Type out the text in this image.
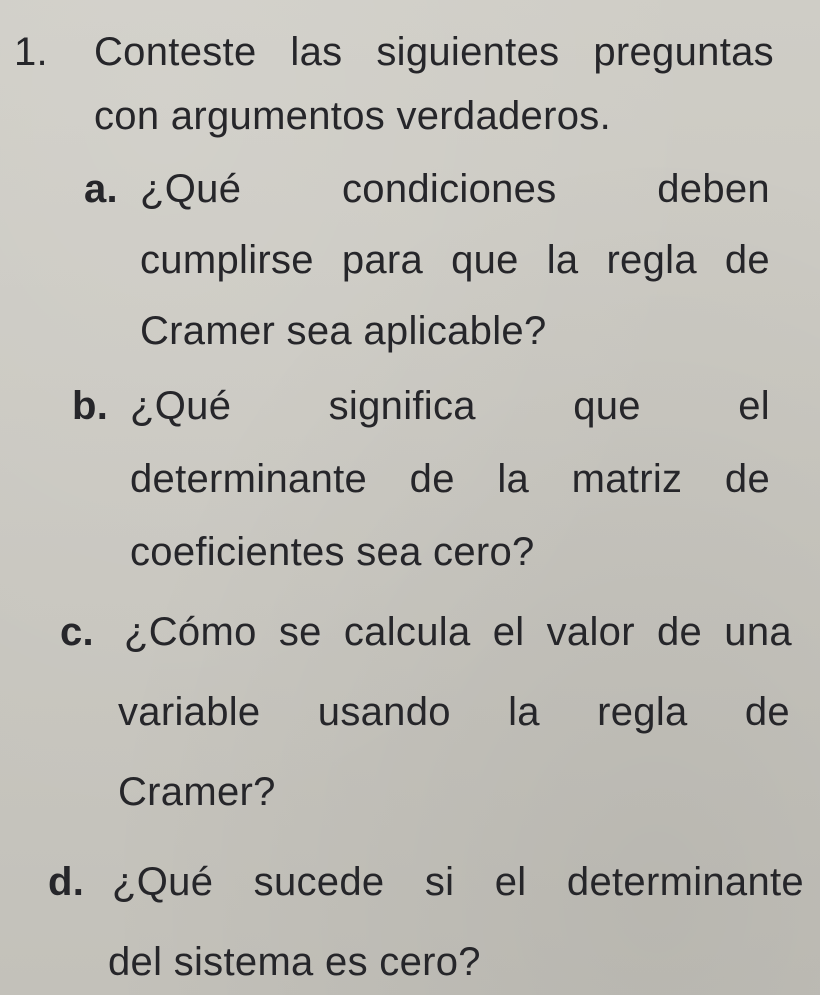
1. Conteste las siguientes preguntas
con argumentos verdaderos.
a. ¿Qué	condiciones	deben
cumplirse para que la regla de
Cramer sea aplicable?
b. ¿Qué significa que el
determinante de la matriz de
coeficientes sea cero?
c. ¿Cómo se calcula el valor de una
variable usando la regla de
Cramer?
d. ¿Qué sucede si el determinante
del sistema es cero?
